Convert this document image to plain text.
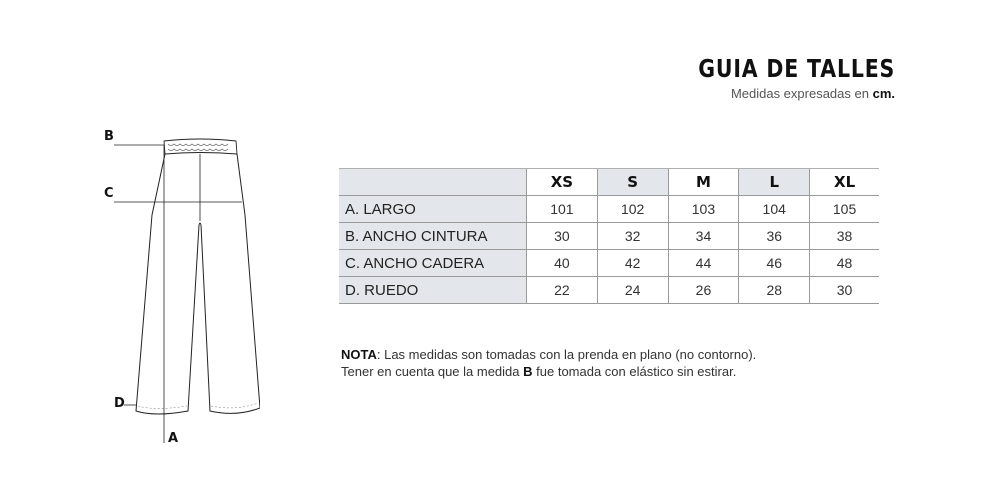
GUIA DE TALLES
Medidas expresadas en cm.
B
C
D
A
	XS	S	M	L	XL
A. LARGO	101	102	103	104	105
B. ANCHO CINTURA	30	32	34	36	38
C. ANCHO CADERA	40	42	44	46	48
D. RUEDO	22	24	26	28	30
NOTA: Las medidas son tomadas con la prenda en plano (no contorno).
Tener en cuenta que la medida B fue tomada con elástico sin estirar.
